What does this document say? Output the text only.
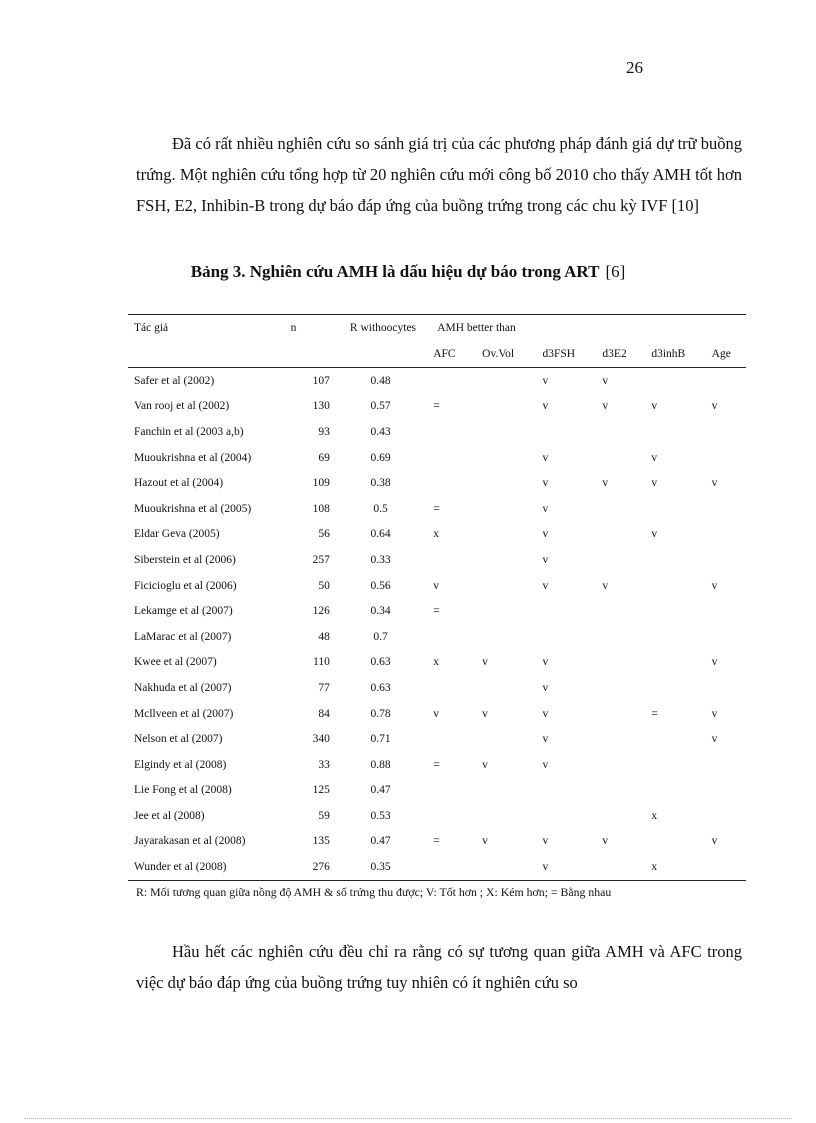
26

Đã có rất nhiều nghiên cứu so sánh giá trị của các phương pháp đánh giá dự trữ buồng trứng. Một nghiên cứu tổng hợp từ 20 nghiên cứu mới công bố 2010 cho thấy AMH tốt hơn FSH, E2, Inhibin-B trong dự báo đáp ứng của buồng trứng trong các chu kỳ IVF [10]

Bảng 3. Nghiên cứu AMH là dấu hiệu dự báo trong ART [6]
Tác giả	n	R withoocytes	AMH better than					
			AFC	Ov.Vol	d3FSH	d3E2	d3inhB	Age
Safer et al (2002)	107	0.48			v	v		
Van rooj et al (2002)	130	0.57	=		v	v	v	v
Fanchin et al (2003 a,b)	93	0.43						
Muoukrishna et al (2004)	69	0.69			v		v	
Hazout et al (2004)	109	0.38			v	v	v	v
Muoukrishna et al (2005)	108	0.5	=		v			
Eldar Geva (2005)	56	0.64	x		v		v	
Siberstein et al (2006)	257	0.33			v			
Ficicioglu et al (2006)	50	0.56	v		v	v		v
Lekamge et al (2007)	126	0.34	=					
LaMarac et al (2007)	48	0.7						
Kwee et al (2007)	110	0.63	x	v	v			v
Nakhuda et al (2007)	77	0.63			v			
Mcllveen et al (2007)	84	0.78	v	v	v		=	v
Nelson et al (2007)	340	0.71			v			v
Elgindy et al (2008)	33	0.88	=	v	v			
Lie Fong et al (2008)	125	0.47						
Jee et al (2008)	59	0.53					x	
Jayarakasan et al (2008)	135	0.47	=	v	v	v		v
Wunder et al (2008)	276	0.35			v		x	
R: Mối tương quan giữa nồng độ AMH & số trứng thu được; V: Tốt hơn ; X: Kém hơn; = Bằng nhau

Hầu hết các nghiên cứu đều chỉ ra rằng có sự tương quan giữa AMH và AFC trong việc dự báo đáp ứng của buồng trứng tuy nhiên có ít nghiên cứu so
